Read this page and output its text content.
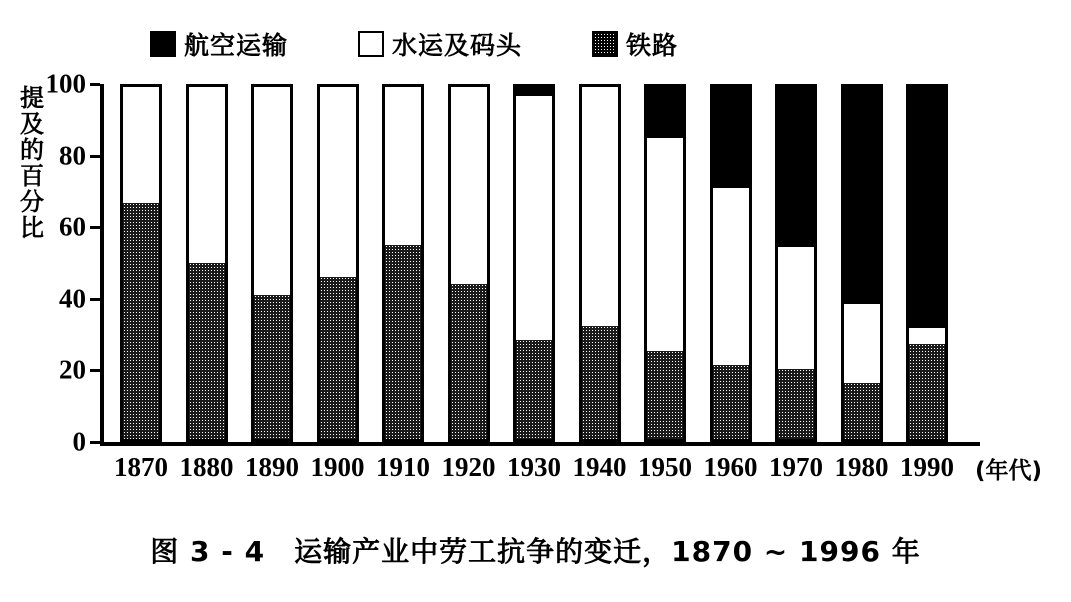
航空运输	水运及码头	铁路
0
20
40
60
80
100
1870 1880 1890 1900 1910 1920 1930 1940 1950 1960 1970 1980 1990
提
及
的
百
分
比
(年代)
图 3 - 4　运输产业中劳工抗争的变迁，1870 ~ 1996 年
